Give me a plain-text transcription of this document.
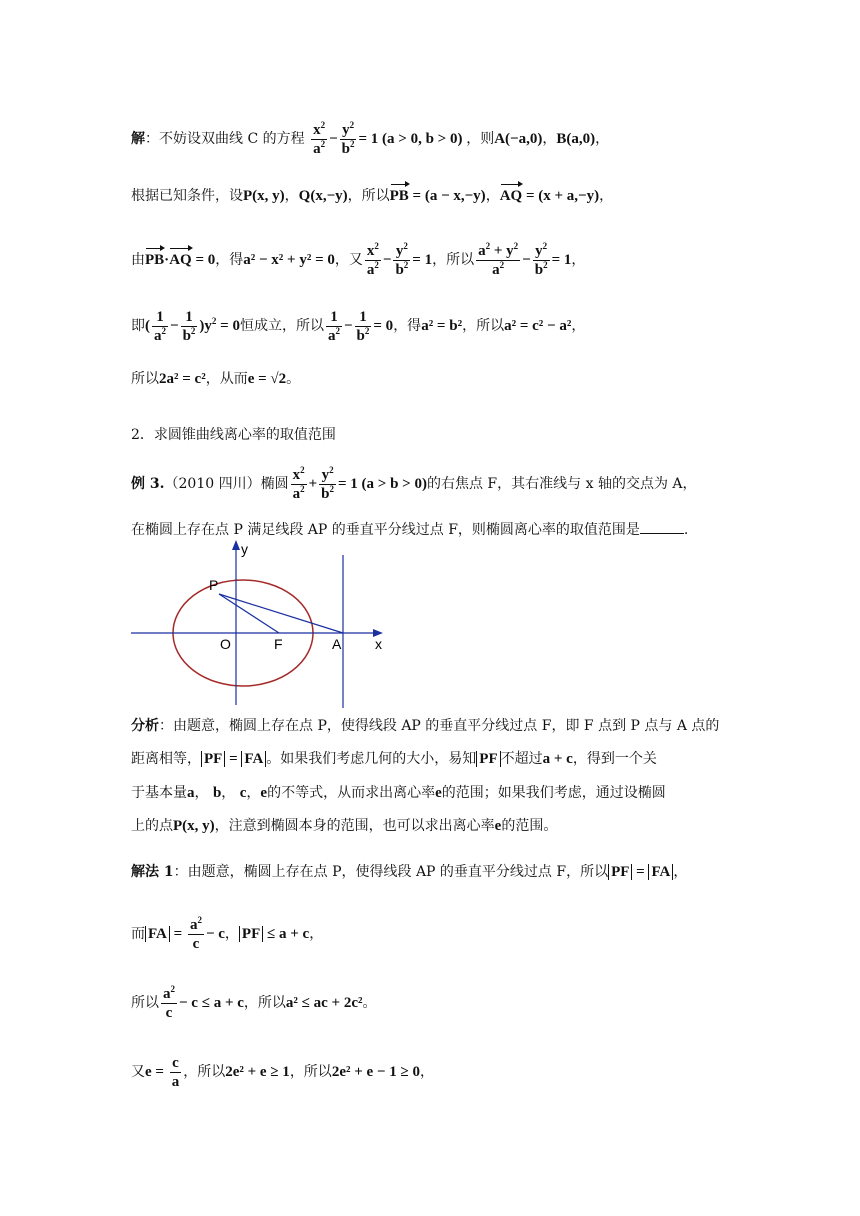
解：不妨设双曲线 C 的方程 $\frac{x^2}{a^2} - \frac{y^2}{b^2} = 1$ (a > 0, b > 0) ，则A(−a,0)，B(a,0)，
根据已知条件，设P(x, y)，Q(x,−y)，所以PB = (a − x,−y)，AQ = (x + a,−y)，
由PB·AQ = 0，得a² − x² + y² = 0，又 $\frac{x^2}{a^2} - \frac{y^2}{b^2} = 1$，所以 $\frac{a^2 + y^2}{a^2} - \frac{y^2}{b^2} = 1$，
即( $\frac{1}{a^2} - \frac{1}{b^2} )y^2 = 0$恒成立，所以 $\frac{1}{a^2} - \frac{1}{b^2} = 0$，得a² = b²，所以a² = c² − a²，
所以2a² = c²，从而e = √2。
2．求圆锥曲线离心率的取值范围
例 3.（2010 四川）椭圆 $\frac{x^2}{a^2} + \frac{y^2}{b^2} = 1$ (a > b > 0)的右焦点 F，其右准线与 x 轴的交点为 A，
在椭圆上存在点 P 满足线段 AP 的垂直平分线过点 F，则椭圆离心率的取值范围是	.
y
x
P
O	F	A
分析：由题意，椭圆上存在点 P，使得线段 AP 的垂直平分线过点 F，即 F 点到 P 点与 A 点的
距离相等， PF = FA 。如果我们考虑几何的大小，易知 PF 不超过a + c，得到一个关
于基本量a， b， c，e的不等式，从而求出离心率e的范围；如果我们考虑，通过设椭圆
上的点P(x, y)，注意到椭圆本身的范围，也可以求出离心率e的范围。
解法 1：由题意，椭圆上存在点 P，使得线段 AP 的垂直平分线过点 F，所以 PF = FA ，
而 FA = $\frac{a^2}{c} - c$， PF ≤ a + c，
所以 $\frac{a^2}{c} - c \le a + c$，所以a² ≤ ac + 2c²。
又$e = \frac{c}{a}$ ，所以2e² + e ≥ 1，所以2e² + e − 1 ≥ 0，
